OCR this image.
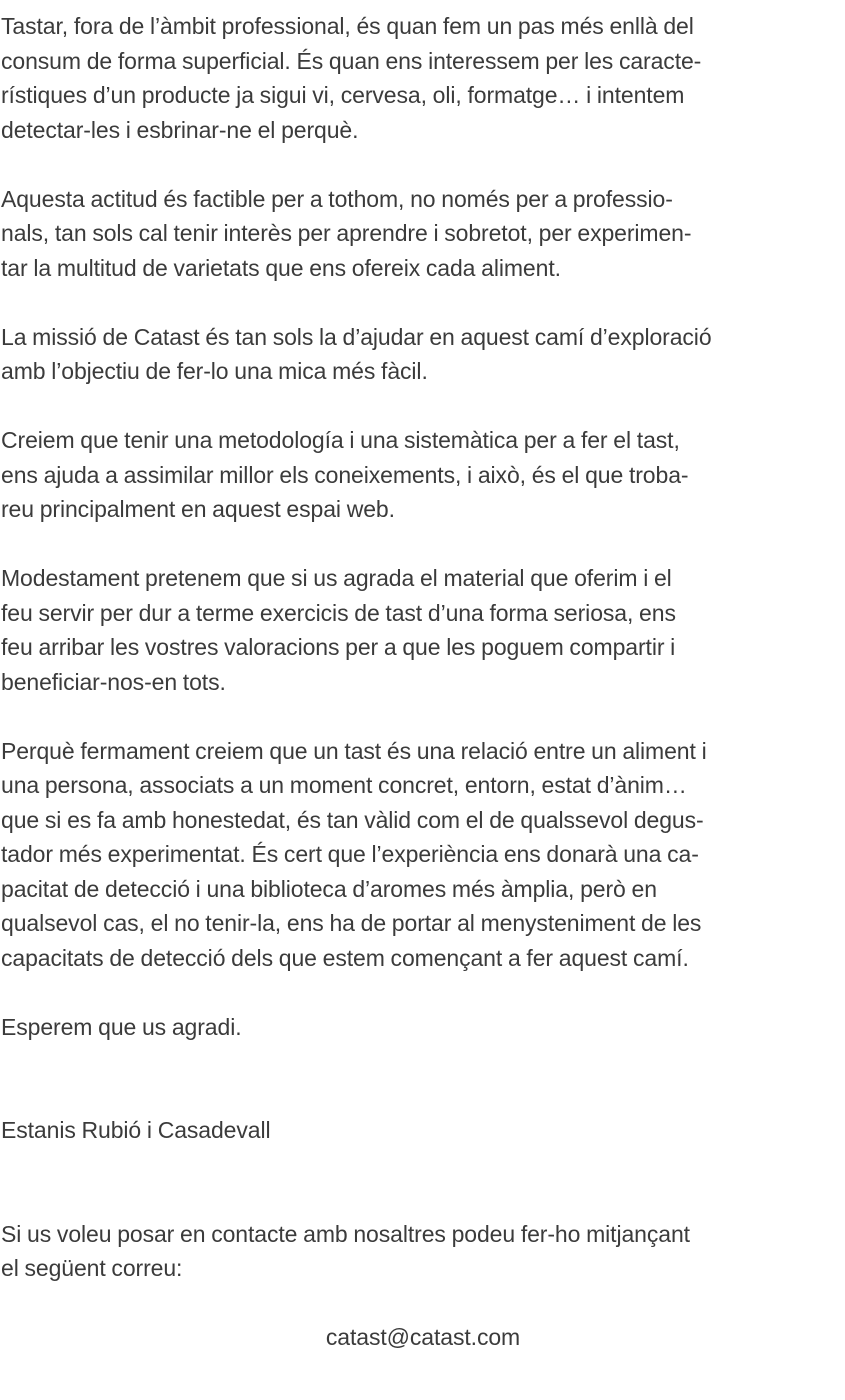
Tastar, fora de l’àmbit professional, és quan fem un pas més enllà del
consum de forma superficial. És quan ens interessem per les caracte-
rístiques d’un producte ja sigui vi, cervesa, oli, formatge… i intentem
detectar-les i esbrinar-ne el perquè.

Aquesta actitud és factible per a tothom, no només per a professio-
nals, tan sols cal tenir interès per aprendre i sobretot, per experimen-
tar la multitud de varietats que ens ofereix cada aliment.

La missió de Catast és tan sols la d’ajudar en aquest camí d’exploració
amb l’objectiu de fer-lo una mica més fàcil.

Creiem que tenir una metodología i una sistemàtica per a fer el tast,
ens ajuda a assimilar millor els coneixements, i això, és el que troba-
reu principalment en aquest espai web.

Modestament pretenem que si us agrada el material que oferim i el
feu servir per dur a terme exercicis de tast d’una forma seriosa, ens
feu arribar les vostres valoracions per a que les poguem compartir i
beneficiar-nos-en tots.

Perquè fermament creiem que un tast és una relació entre un aliment i
una persona, associats a un moment concret, entorn, estat d’ànim…
que si es fa amb honestedat, és tan vàlid com el de qualssevol degus-
tador més experimentat. És cert que l’experiència ens donarà una ca-
pacitat de detecció i una biblioteca d’aromes més àmplia, però en
qualsevol cas, el no tenir-la, ens ha de portar al menysteniment de les
capacitats de detecció dels que estem començant a fer aquest camí.

Esperem que us agradi.

Estanis Rubió i Casadevall

Si us voleu posar en contacte amb nosaltres podeu fer-ho mitjançant
el següent correu:

catast@catast.com
